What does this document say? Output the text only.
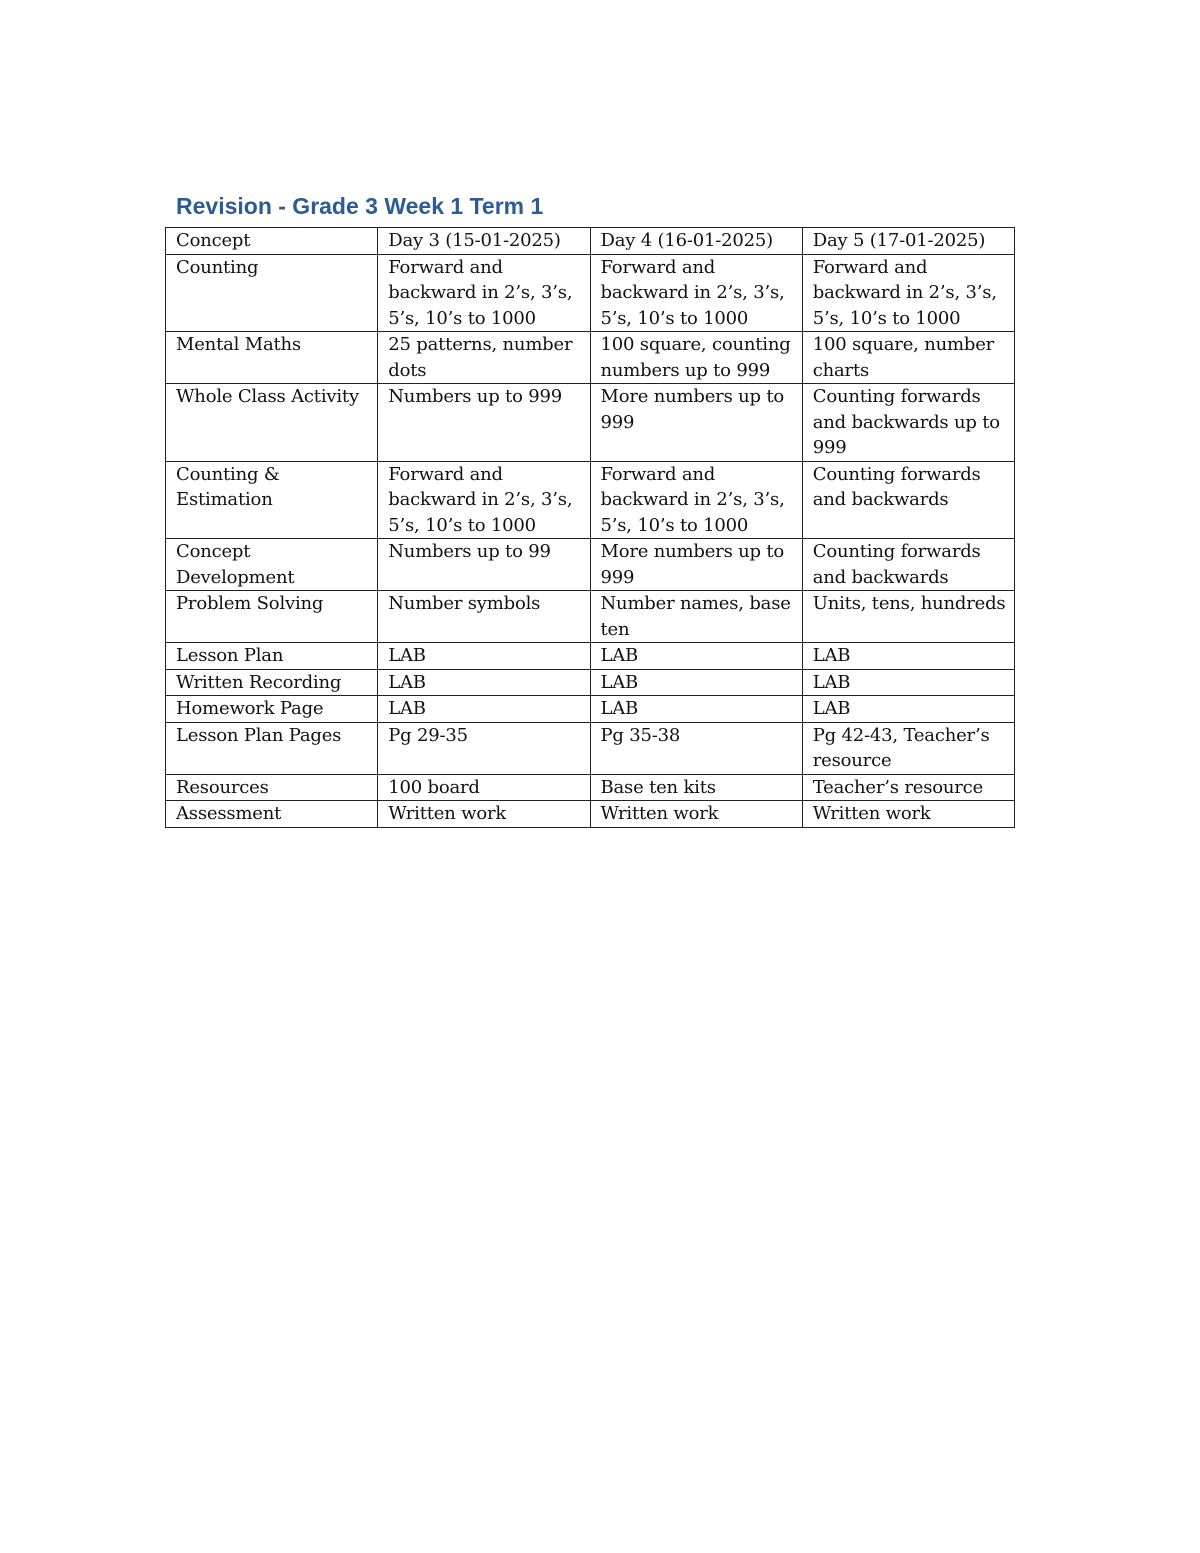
Revision - Grade 3 Week 1 Term 1
Concept	Day 3 (15-01-2025)	Day 4 (16-01-2025)	Day 5 (17-01-2025)
Counting	Forward and backward in 2’s, 3’s, 5’s, 10’s to 1000	Forward and backward in 2’s, 3’s, 5’s, 10’s to 1000	Forward and backward in 2’s, 3’s, 5’s, 10’s to 1000
Mental Maths	25 patterns, number dots	100 square, counting numbers up to 999	100 square, number charts
Whole Class Activity	Numbers up to 999	More numbers up to 999	Counting forwards and backwards up to 999
Counting & Estimation	Forward and backward in 2’s, 3’s, 5’s, 10’s to 1000	Forward and backward in 2’s, 3’s, 5’s, 10’s to 1000	Counting forwards and backwards
Concept Development	Numbers up to 99	More numbers up to 999	Counting forwards and backwards
Problem Solving	Number symbols	Number names, base ten	Units, tens, hundreds
Lesson Plan	LAB	LAB	LAB
Written Recording	LAB	LAB	LAB
Homework Page	LAB	LAB	LAB
Lesson Plan Pages	Pg 29-35	Pg 35-38	Pg 42-43, Teacher’s resource
Resources	100 board	Base ten kits	Teacher’s resource
Assessment	Written work	Written work	Written work
